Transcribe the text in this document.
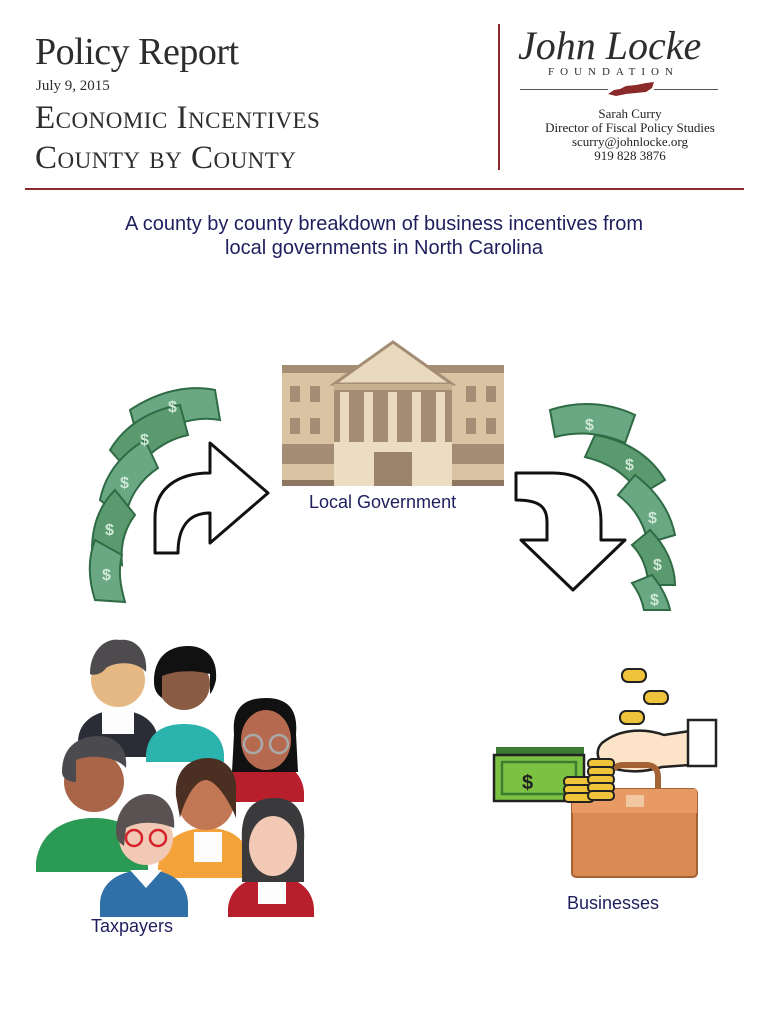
Policy Report
July 9, 2015
Economic Incentives
County by County
John Locke
FOUNDATION
Sarah Curry
Director of Fiscal Policy Studies
scurry@johnlocke.org
919 828 3876
A county by county breakdown of business incentives from
local governments in North Carolina
Local Government
$
$
$
$
$
$
$
$
$
$
Taxpayers
$
Businesses
